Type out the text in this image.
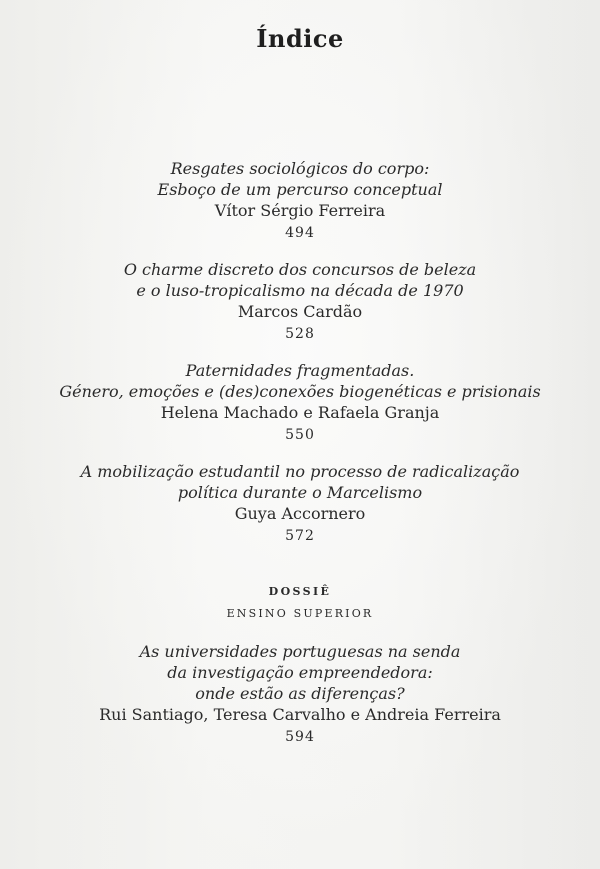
Índice
Resgates sociológicos do corpo:
Esboço de um percurso conceptual
Vítor Sérgio Ferreira
494
O charme discreto dos concursos de beleza
e o luso-tropicalismo na década de 1970
Marcos Cardão
528
Paternidades fragmentadas.
Género, emoções e (des)conexões biogenéticas e prisionais
Helena Machado e Rafaela Granja
550
A mobilização estudantil no processo de radicalização
política durante o Marcelismo
Guya Accornero
572
DOSSIÊ
ENSINO SUPERIOR
As universidades portuguesas na senda
da investigação empreendedora:
onde estão as diferenças?
Rui Santiago, Teresa Carvalho e Andreia Ferreira
594
